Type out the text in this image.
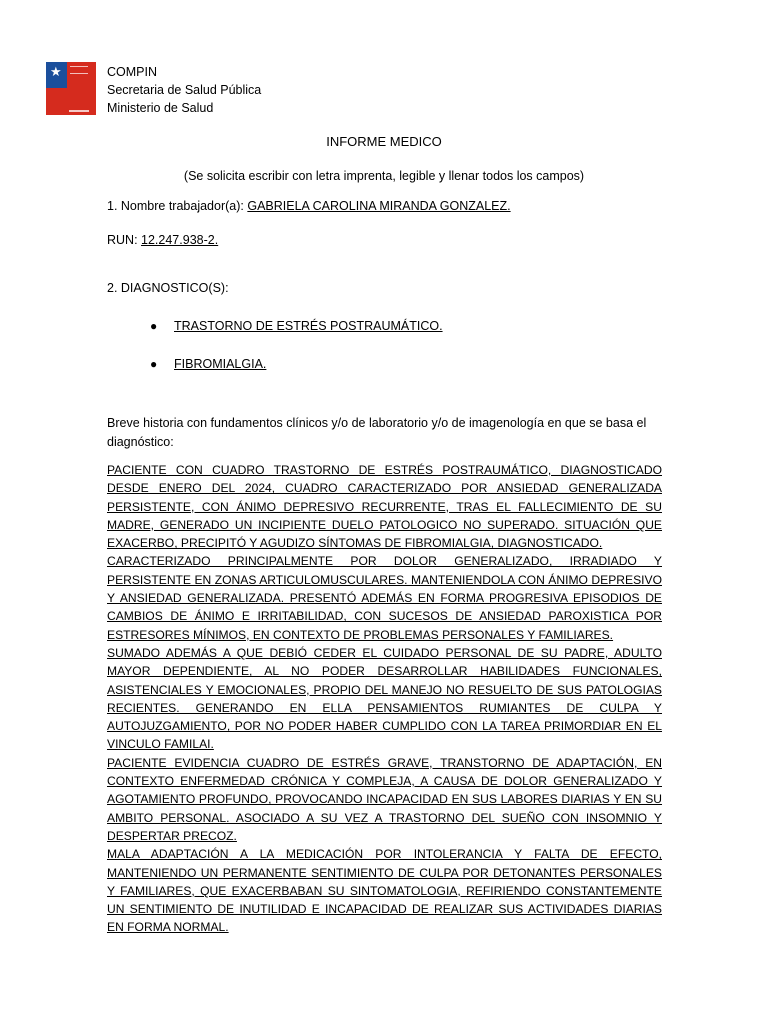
★	COMPIN
Secretaria de Salud Pública
Ministerio de Salud
INFORME MEDICO
(Se solicita escribir con letra imprenta, legible y llenar todos los campos)
1. Nombre trabajador(a): GABRIELA CAROLINA MIRANDA GONZALEZ.
RUN: 12.247.938-2.
2. DIAGNOSTICO(S):
● TRASTORNO DE ESTRÉS POSTRAUMÁTICO.
● FIBROMIALGIA.
Breve historia con fundamentos clínicos y/o de laboratorio y/o de imagenología en que se basa el diagnóstico:

PACIENTE CON CUADRO TRASTORNO DE ESTRÉS POSTRAUMÁTICO, DIAGNOSTICADO DESDE ENERO DEL 2024, CUADRO CARACTERIZADO POR ANSIEDAD GENERALIZADA PERSISTENTE, CON ÁNIMO DEPRESIVO RECURRENTE, TRAS EL FALLECIMIENTO DE SU MADRE, GENERADO UN INCIPIENTE DUELO PATOLOGICO NO SUPERADO. SITUACIÓN QUE EXACERBO, PRECIPITÓ Y AGUDIZO SÍNTOMAS DE FIBROMIALGIA, DIAGNOSTICADO.

CARACTERIZADO PRINCIPALMENTE POR DOLOR GENERALIZADO, IRRADIADO Y PERSISTENTE EN ZONAS ARTICULOMUSCULARES. MANTENIENDOLA CON ÁNIMO DEPRESIVO Y ANSIEDAD GENERALIZADA. PRESENTÓ ADEMÁS EN FORMA PROGRESIVA EPISODIOS DE CAMBIOS DE ÁNIMO E IRRITABILIDAD, CON SUCESOS DE ANSIEDAD PAROXISTICA POR ESTRESORES MÍNIMOS, EN CONTEXTO DE PROBLEMAS PERSONALES Y FAMILIARES.

SUMADO ADEMÁS A QUE DEBIÓ CEDER EL CUIDADO PERSONAL DE SU PADRE, ADULTO MAYOR DEPENDIENTE, AL NO PODER DESARROLLAR HABILIDADES FUNCIONALES, ASISTENCIALES Y EMOCIONALES, PROPIO DEL MANEJO NO RESUELTO DE SUS PATOLOGIAS RECIENTES. GENERANDO EN ELLA PENSAMIENTOS RUMIANTES DE CULPA Y AUTOJUZGAMIENTO, POR NO PODER HABER CUMPLIDO CON LA TAREA PRIMORDIAR EN EL VINCULO FAMILAI.

PACIENTE EVIDENCIA CUADRO DE ESTRÉS GRAVE, TRANSTORNO DE ADAPTACIÓN, EN CONTEXTO ENFERMEDAD CRÓNICA Y COMPLEJA, A CAUSA DE DOLOR GENERALIZADO Y AGOTAMIENTO PROFUNDO, PROVOCANDO INCAPACIDAD EN SUS LABORES DIARIAS Y EN SU AMBITO PERSONAL. ASOCIADO A SU VEZ A TRASTORNO DEL SUEÑO CON INSOMNIO Y DESPERTAR PRECOZ.

MALA ADAPTACIÓN A LA MEDICACIÓN POR INTOLERANCIA Y FALTA DE EFECTO, MANTENIENDO UN PERMANENTE SENTIMIENTO DE CULPA POR DETONANTES PERSONALES Y FAMILIARES, QUE EXACERBABAN SU SINTOMATOLOGIA, REFIRIENDO CONSTANTEMENTE UN SENTIMIENTO DE INUTILIDAD E INCAPACIDAD DE REALIZAR SUS ACTIVIDADES DIARIAS EN FORMA NORMAL.
